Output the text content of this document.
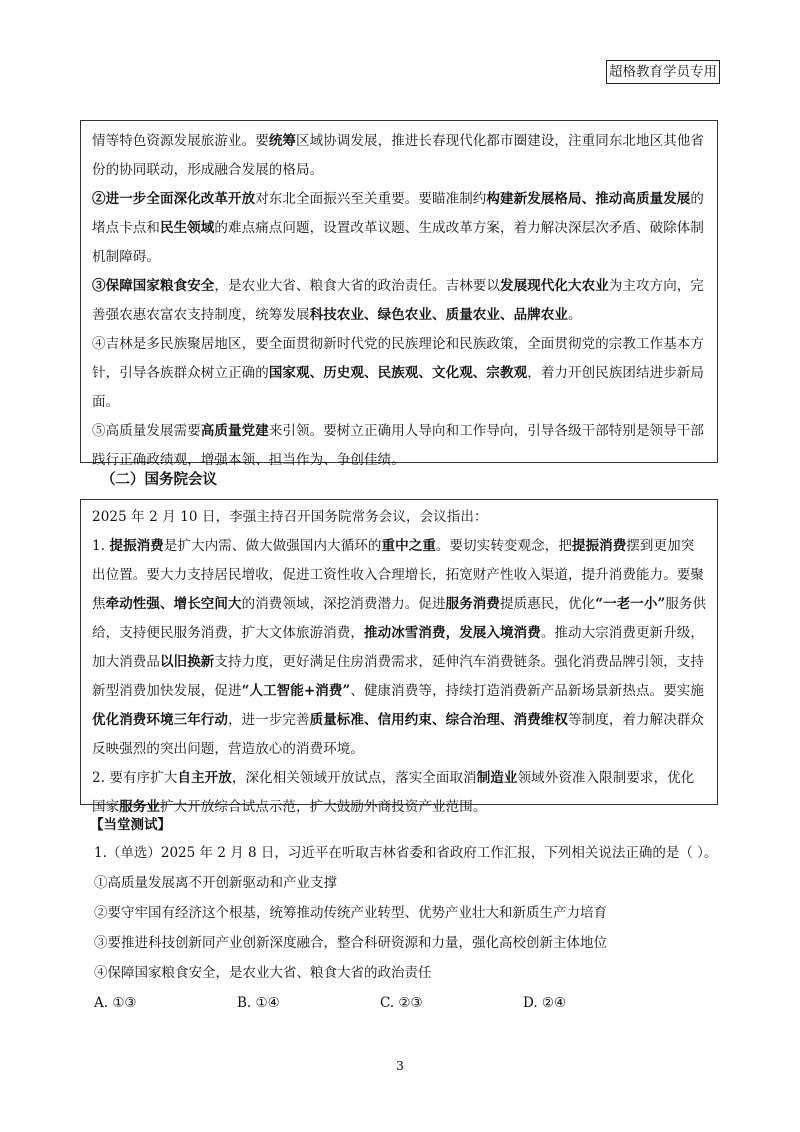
超格教育学员专用

情等特色资源发展旅游业。要统筹区域协调发展，推进长春现代化都市圈建设，注重同东北地区其他省份的协同联动，形成融合发展的格局。

②进一步全面深化改革开放对东北全面振兴至关重要。要瞄准制约构建新发展格局、推动高质量发展的堵点卡点和民生领域的难点痛点问题，设置改革议题、生成改革方案，着力解决深层次矛盾、破除体制机制障碍。

③保障国家粮食安全，是农业大省、粮食大省的政治责任。吉林要以发展现代化大农业为主攻方向，完善强农惠农富农支持制度，统筹发展科技农业、绿色农业、质量农业、品牌农业。

④吉林是多民族聚居地区，要全面贯彻新时代党的民族理论和民族政策，全面贯彻党的宗教工作基本方针，引导各族群众树立正确的国家观、历史观、民族观、文化观、宗教观，着力开创民族团结进步新局面。

⑤高质量发展需要高质量党建来引领。要树立正确用人导向和工作导向，引导各级干部特别是领导干部践行正确政绩观，增强本领、担当作为、争创佳绩。

（二）国务院会议

2025 年 2 月 10 日，李强主持召开国务院常务会议，会议指出：

1. 提振消费是扩大内需、做大做强国内大循环的重中之重。要切实转变观念，把提振消费摆到更加突出位置。要大力支持居民增收，促进工资性收入合理增长，拓宽财产性收入渠道，提升消费能力。要聚焦牵动性强、增长空间大的消费领域，深挖消费潜力。促进服务消费提质惠民，优化“一老一小”服务供给，支持便民服务消费，扩大文体旅游消费，推动冰雪消费，发展入境消费。推动大宗消费更新升级，加大消费品以旧换新支持力度，更好满足住房消费需求，延伸汽车消费链条。强化消费品牌引领，支持新型消费加快发展，促进“人工智能+消费”、健康消费等，持续打造消费新产品新场景新热点。要实施优化消费环境三年行动，进一步完善质量标准、信用约束、综合治理、消费维权等制度，着力解决群众反映强烈的突出问题，营造放心的消费环境。

2. 要有序扩大自主开放，深化相关领域开放试点，落实全面取消制造业领域外资准入限制要求，优化国家服务业扩大开放综合试点示范，扩大鼓励外商投资产业范围。

【当堂测试】

1.（单选）2025 年 2 月 8 日，习近平在听取吉林省委和省政府工作汇报，下列相关说法正确的是（ ）。

①高质量发展离不开创新驱动和产业支撑

②要守牢国有经济这个根基，统筹推动传统产业转型、优势产业壮大和新质生产力培育

③要推进科技创新同产业创新深度融合，整合科研资源和力量，强化高校创新主体地位

④保障国家粮食安全，是农业大省、粮食大省的政治责任

A. ①③	B. ①④	C. ②③	D. ②④
3
